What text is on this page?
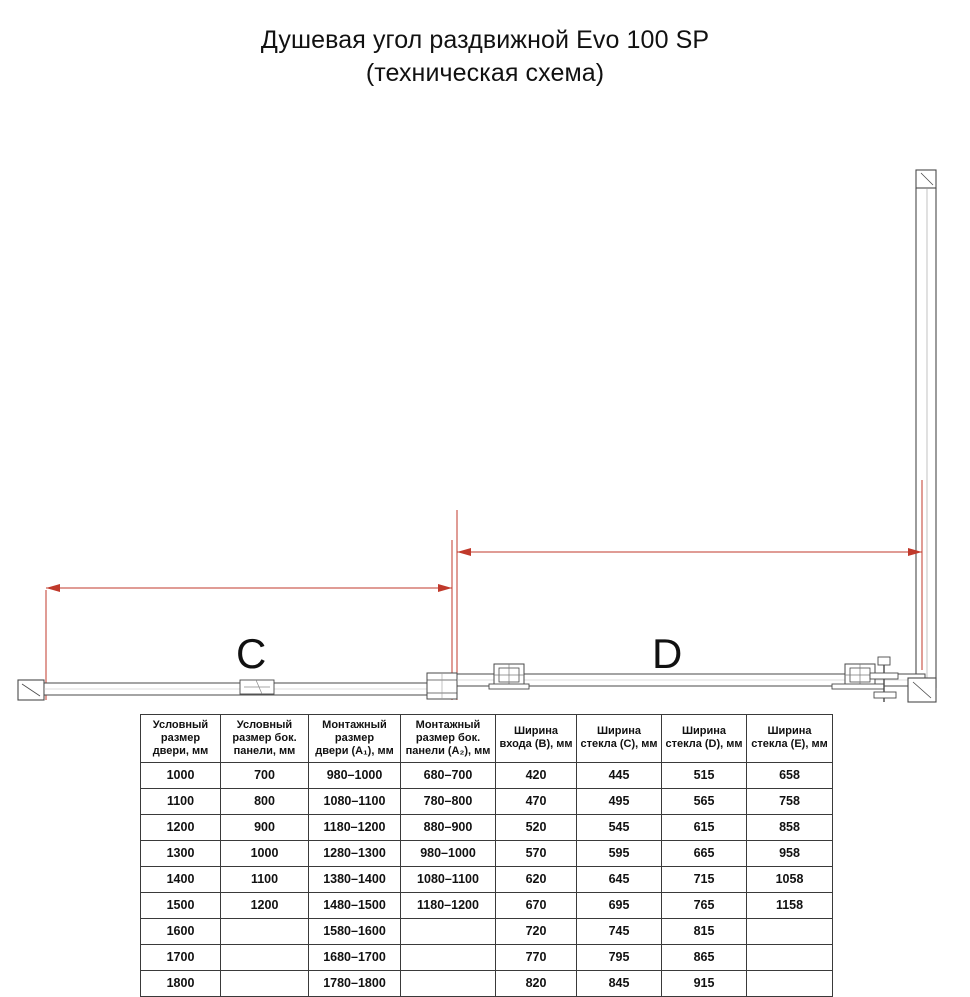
Душевая угол раздвижной Evo 100 SP
(техническая схема)
C	D
Условный
размер
двери, мм	Условный
размер бок.
панели, мм	Монтажный
размер
двери (A₁), мм	Монтажный
размер бок.
панели (A₂), мм	Ширина
входа (B), мм	Ширина
стекла (C), мм	Ширина
стекла (D), мм	Ширина
стекла (E), мм
1000	700	980–1000	680–700	420	445	515	658
1100	800	1080–1100	780–800	470	495	565	758
1200	900	1180–1200	880–900	520	545	615	858
1300	1000	1280–1300	980–1000	570	595	665	958
1400	1100	1380–1400	1080–1100	620	645	715	1058
1500	1200	1480–1500	1180–1200	670	695	765	1158
1600		1580–1600		720	745	815	
1700		1680–1700		770	795	865	
1800		1780–1800		820	845	915	
